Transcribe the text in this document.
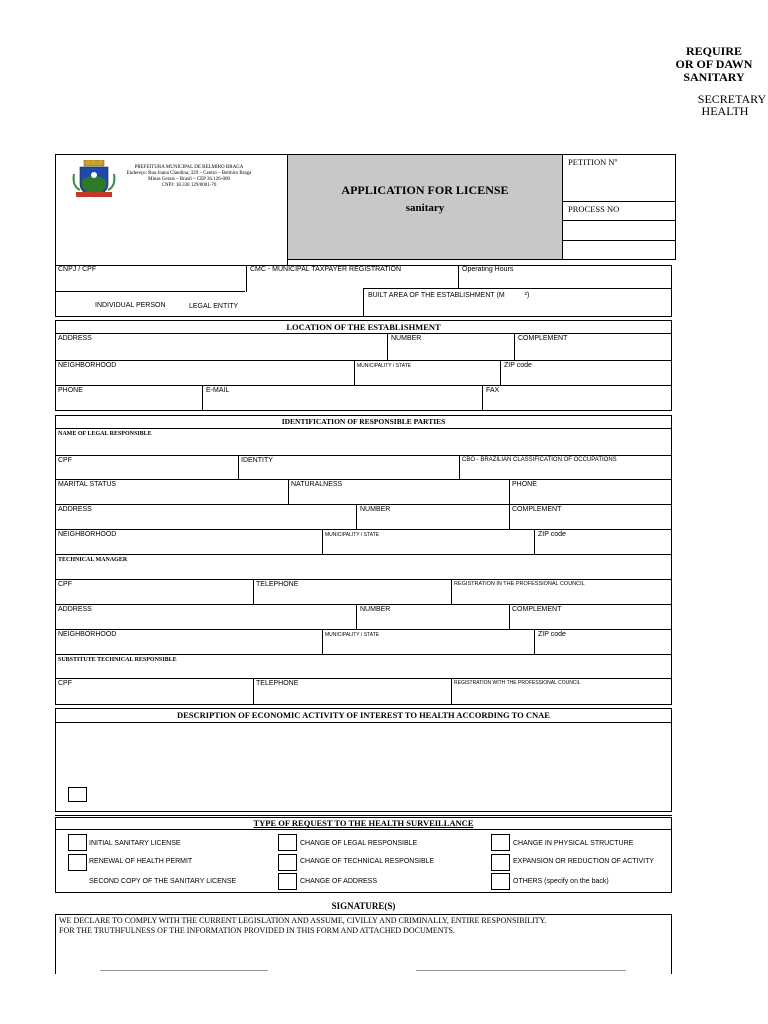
REQUIRE
OR OF DAWN
SANITARY
SECRETARY
HEALTH
PREFEITURA MUNICIPAL DE BELMIRO BRAGA
Endereço: Rua Joana Claudina, 329 – Centro – Belmiro Braga
Minas Gerais – Brasil – CEP 36.126-000
CNPJ: 18.338 129/0001-70	APPLICATION FOR LICENSE
sanitary
PETITION Nº
PROCESS NO
CNPJ / CPF	CMC - MUNICIPAL TAXPAYER REGISTRATION	Operating Hours
INDIVIDUAL PERSON	LEGAL ENTITY
BUILT AREA OF THE ESTABLISHMENT (M	²)
LOCATION OF THE ESTABLISHMENT
ADDRESS	NUMBER	COMPLEMENT
NEIGHBORHOOD	MUNICIPALITY / STATE	ZIP code
PHONE	E-MAIL	FAX
IDENTIFICATION OF RESPONSIBLE PARTIES
NAME OF LEGAL RESPONSIBLE
CPF	IDENTITY	CBO - BRAZILIAN CLASSIFICATION OF OCCUPATIONS
MARITAL STATUS	NATURALNESS	PHONE
ADDRESS	NUMBER	COMPLEMENT
NEIGHBORHOOD	MUNICIPALITY / STATE	ZIP code
TECHNICAL MANAGER
CPF	TELEPHONE	REGISTRATION IN THE PROFESSIONAL COUNCIL
ADDRESS	NUMBER	COMPLEMENT
NEIGHBORHOOD	MUNICIPALITY / STATE	ZIP code
SUBSTITUTE TECHNICAL RESPONSIBLE
CPF	TELEPHONE	REGISTRATION WITH THE PROFESSIONAL COUNCIL
DESCRIPTION OF ECONOMIC ACTIVITY OF INTEREST TO HEALTH ACCORDING TO CNAE
TYPE OF REQUEST TO THE HEALTH SURVEILLANCE
INITIAL SANITARY LICENSE
RENEWAL OF HEALTH PERMIT
SECOND COPY OF THE SANITARY LICENSE
CHANGE OF LEGAL RESPONSIBLE
CHANGE OF TECHNICAL RESPONSIBLE
CHANGE OF ADDRESS
CHANGE IN PHYSICAL STRUCTURE
EXPANSION OR REDUCTION OF ACTIVITY
OTHERS (specify on the back)
SIGNATURE(S)
WE DECLARE TO COMPLY WITH THE CURRENT LEGISLATION AND ASSUME, CIVILLY AND CRIMINALLY, ENTIRE RESPONSIBILITY.
FOR THE TRUTHFULNESS OF THE INFORMATION PROVIDED IN THIS FORM AND ATTACHED DOCUMENTS.
